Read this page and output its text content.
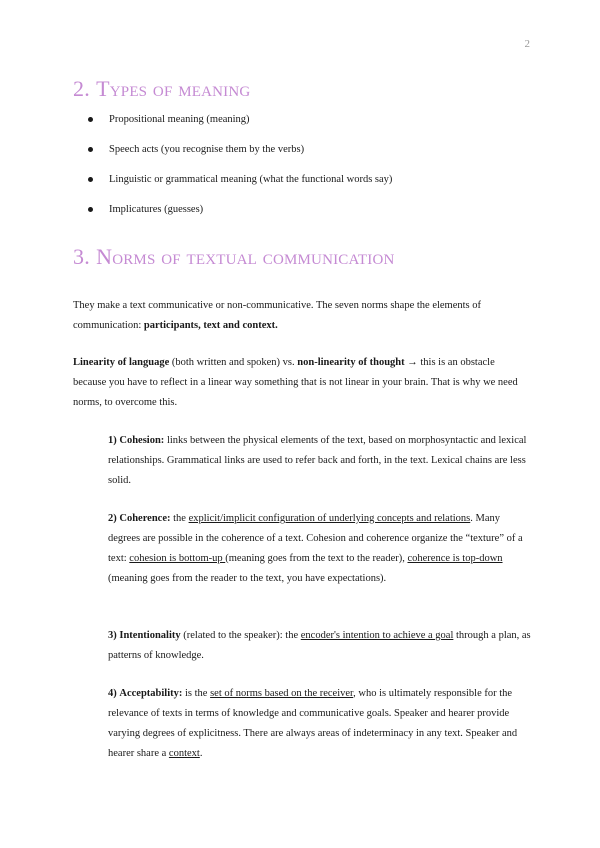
2
2. Types of meaning
Propositional meaning (meaning)
Speech acts (you recognise them by the verbs)
Linguistic or grammatical meaning (what the functional words say)
Implicatures (guesses)
3. Norms of textual communication

They make a text communicative or non-communicative. The seven norms shape the elements of communication: participants, text and context.

Linearity of language (both written and spoken) vs. non-linearity of thought → this is an obstacle because you have to reflect in a linear way something that is not linear in your brain. That is why we need norms, to overcome this.

1) Cohesion: links between the physical elements of the text, based on morphosyntactic and lexical relationships. Grammatical links are used to refer back and forth, in the text. Lexical chains are less solid.

2) Coherence: the explicit/implicit configuration of underlying concepts and relations. Many degrees are possible in the coherence of a text. Cohesion and coherence organize the “texture” of a text: cohesion is bottom-up (meaning goes from the text to the reader), coherence is top-down (meaning goes from the reader to the text, you have expectations).

3) Intentionality (related to the speaker): the encoder's intention to achieve a goal through a plan, as patterns of knowledge.

4) Acceptability: is the set of norms based on the receiver, who is ultimately responsible for the relevance of texts in terms of knowledge and communicative goals. Speaker and hearer provide varying degrees of explicitness. There are always areas of indeterminacy in any text. Speaker and hearer share a context.
